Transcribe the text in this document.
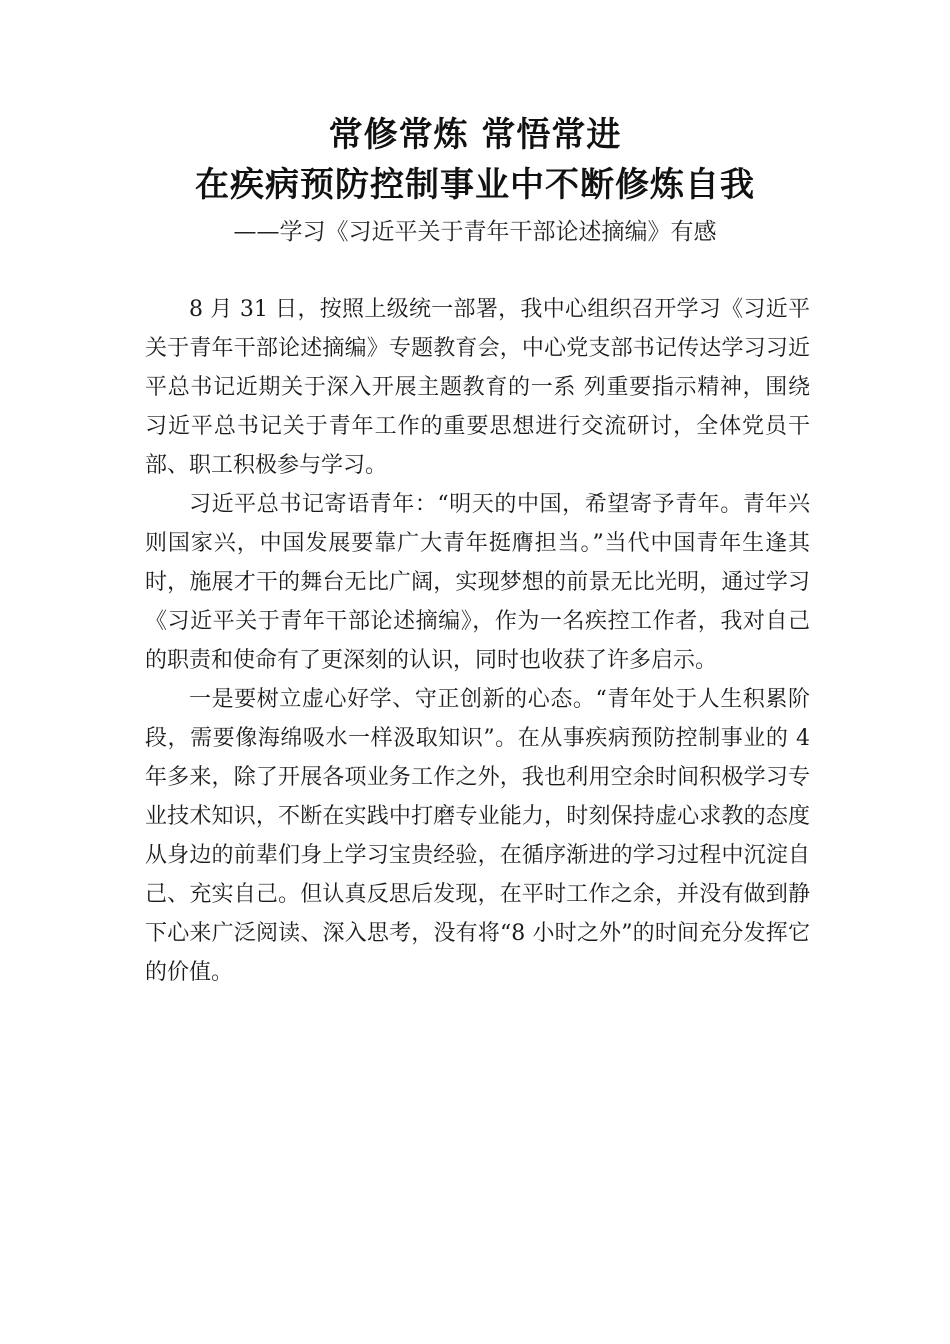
常修常炼 常悟常进
在疾病预防控制事业中不断修炼自我

——学习《习近平关于青年干部论述摘编》有感

8 月 31 日，按照上级统一部署，我中心组织召开学习《习近平关于青年干部论述摘编》专题教育会，中心党支部书记传达学习习近平总书记近期关于深入开展主题教育的一系 列重要指示精神，围绕习近平总书记关于青年工作的重要思想进行交流研讨，全体党员干部、职工积极参与学习。

习近平总书记寄语青年：“明天的中国，希望寄予青年。青年兴则国家兴，中国发展要靠广大青年挺膺担当。”当代中国青年生逢其时，施展才干的舞台无比广阔，实现梦想的前景无比光明，通过学习《习近平关于青年干部论述摘编》，作为一名疾控工作者，我对自己的职责和使命有了更深刻的认识，同时也收获了许多启示。

一是要树立虚心好学、守正创新的心态。“青年处于人生积累阶段，需要像海绵吸水一样汲取知识”。在从事疾病预防控制事业的 4 年多来，除了开展各项业务工作之外，我也利用空余时间积极学习专业技术知识，不断在实践中打磨专业能力，时刻保持虚心求教的态度从身边的前辈们身上学习宝贵经验，在循序渐进的学习过程中沉淀自己、充实自己。但认真反思后发现，在平时工作之余，并没有做到静下心来广泛阅读、深入思考，没有将“8 小时之外”的时间充分发挥它的价值。
